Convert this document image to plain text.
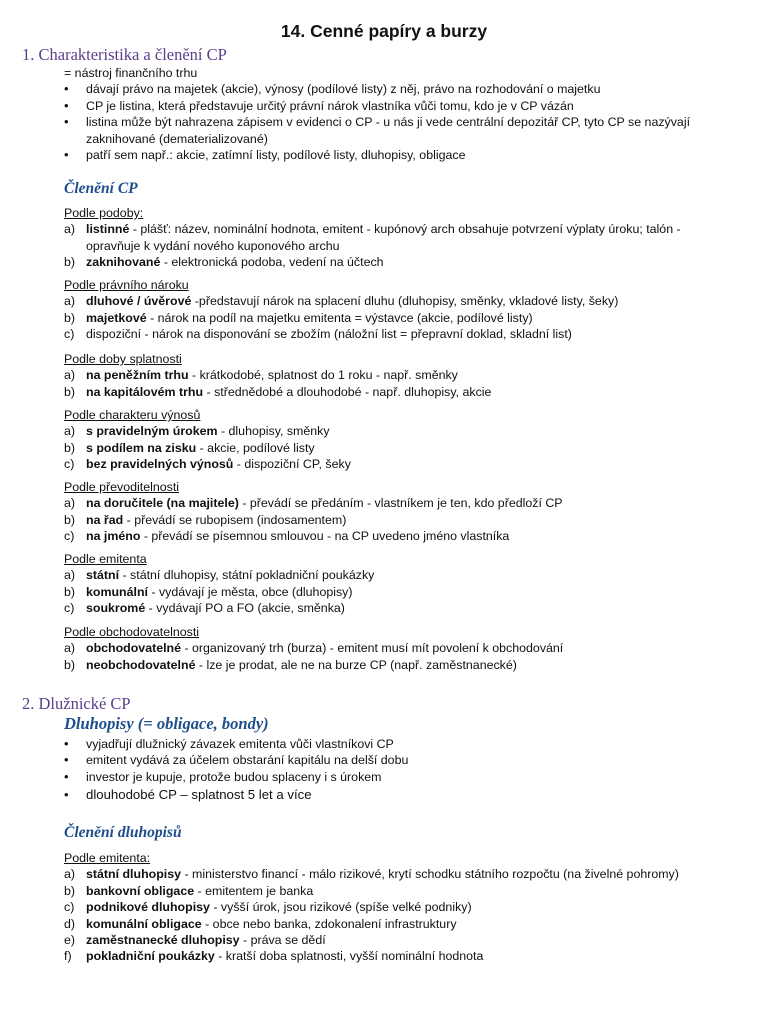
14. Cenné papíry a burzy
1. Charakteristika a členění CP
= nástroj finančního trhu
• dávají právo na majetek (akcie), výnosy (podílové listy) z něj, právo na rozhodování o majetku
• CP je listina, která představuje určitý právní nárok vlastníka vůči tomu, kdo je v CP vázán
• listina může být nahrazena zápisem v evidenci o CP - u nás ji vede centrální depozitář CP, tyto CP se nazývají zaknihované (dematerializované)
• patří sem např.: akcie, zatímní listy, podílové listy, dluhopisy, obligace
Členění CP
Podle podoby:
a) listinné - plášť: název, nominální hodnota, emitent - kupónový arch obsahuje potvrzení výplaty úroku; talón - opravňuje k vydání nového kuponového archu
b) zaknihované - elektronická podoba, vedení na účtech
Podle právního nároku
a) dluhové / úvěrové -představují nárok na splacení dluhu (dluhopisy, směnky, vkladové listy, šeky)
b) majetkové - nárok na podíl na majetku emitenta = výstavce (akcie, podílové listy)
c) dispoziční - nárok na disponování se zbožím (náložní list = přepravní doklad, skladní list)
Podle doby splatnosti
a) na peněžním trhu - krátkodobé, splatnost do 1 roku - např. směnky
b) na kapitálovém trhu - střednědobé a dlouhodobé - např. dluhopisy, akcie
Podle charakteru výnosů
a) s pravidelným úrokem - dluhopisy, směnky
b) s podílem na zisku - akcie, podílové listy
c) bez pravidelných výnosů - dispoziční CP, šeky
Podle převoditelnosti
a) na doručitele (na majitele) - převádí se předáním - vlastníkem je ten, kdo předloží CP
b) na řad - převádí se rubopisem (indosamentem)
c) na jméno - převádí se písemnou smlouvou - na CP uvedeno jméno vlastníka
Podle emitenta
a) státní - státní dluhopisy, státní pokladniční poukázky
b) komunální - vydávají je města, obce (dluhopisy)
c) soukromé - vydávají PO a FO (akcie, směnka)
Podle obchodovatelnosti
a) obchodovatelné - organizovaný trh (burza) - emitent musí mít povolení k obchodování
b) neobchodovatelné - lze je prodat, ale ne na burze CP (např. zaměstnanecké)
2. Dlužnické CP
Dluhopisy (= obligace, bondy)
• vyjadřují dlužnický závazek emitenta vůči vlastníkovi CP
• emitent vydává za účelem obstarání kapitálu na delší dobu
• investor je kupuje, protože budou splaceny i s úrokem
• dlouhodobé CP – splatnost 5 let a více
Členění dluhopisů
Podle emitenta:
a) státní dluhopisy - ministerstvo financí - málo rizikové, krytí schodku státního rozpočtu (na živelné pohromy)
b) bankovní obligace - emitentem je banka
c) podnikové dluhopisy - vyšší úrok, jsou rizikové (spíše velké podniky)
d) komunální obligace - obce nebo banka, zdokonalení infrastruktury
e) zaměstnanecké dluhopisy - práva se dědí
f) pokladniční poukázky - kratší doba splatnosti, vyšší nominální hodnota
